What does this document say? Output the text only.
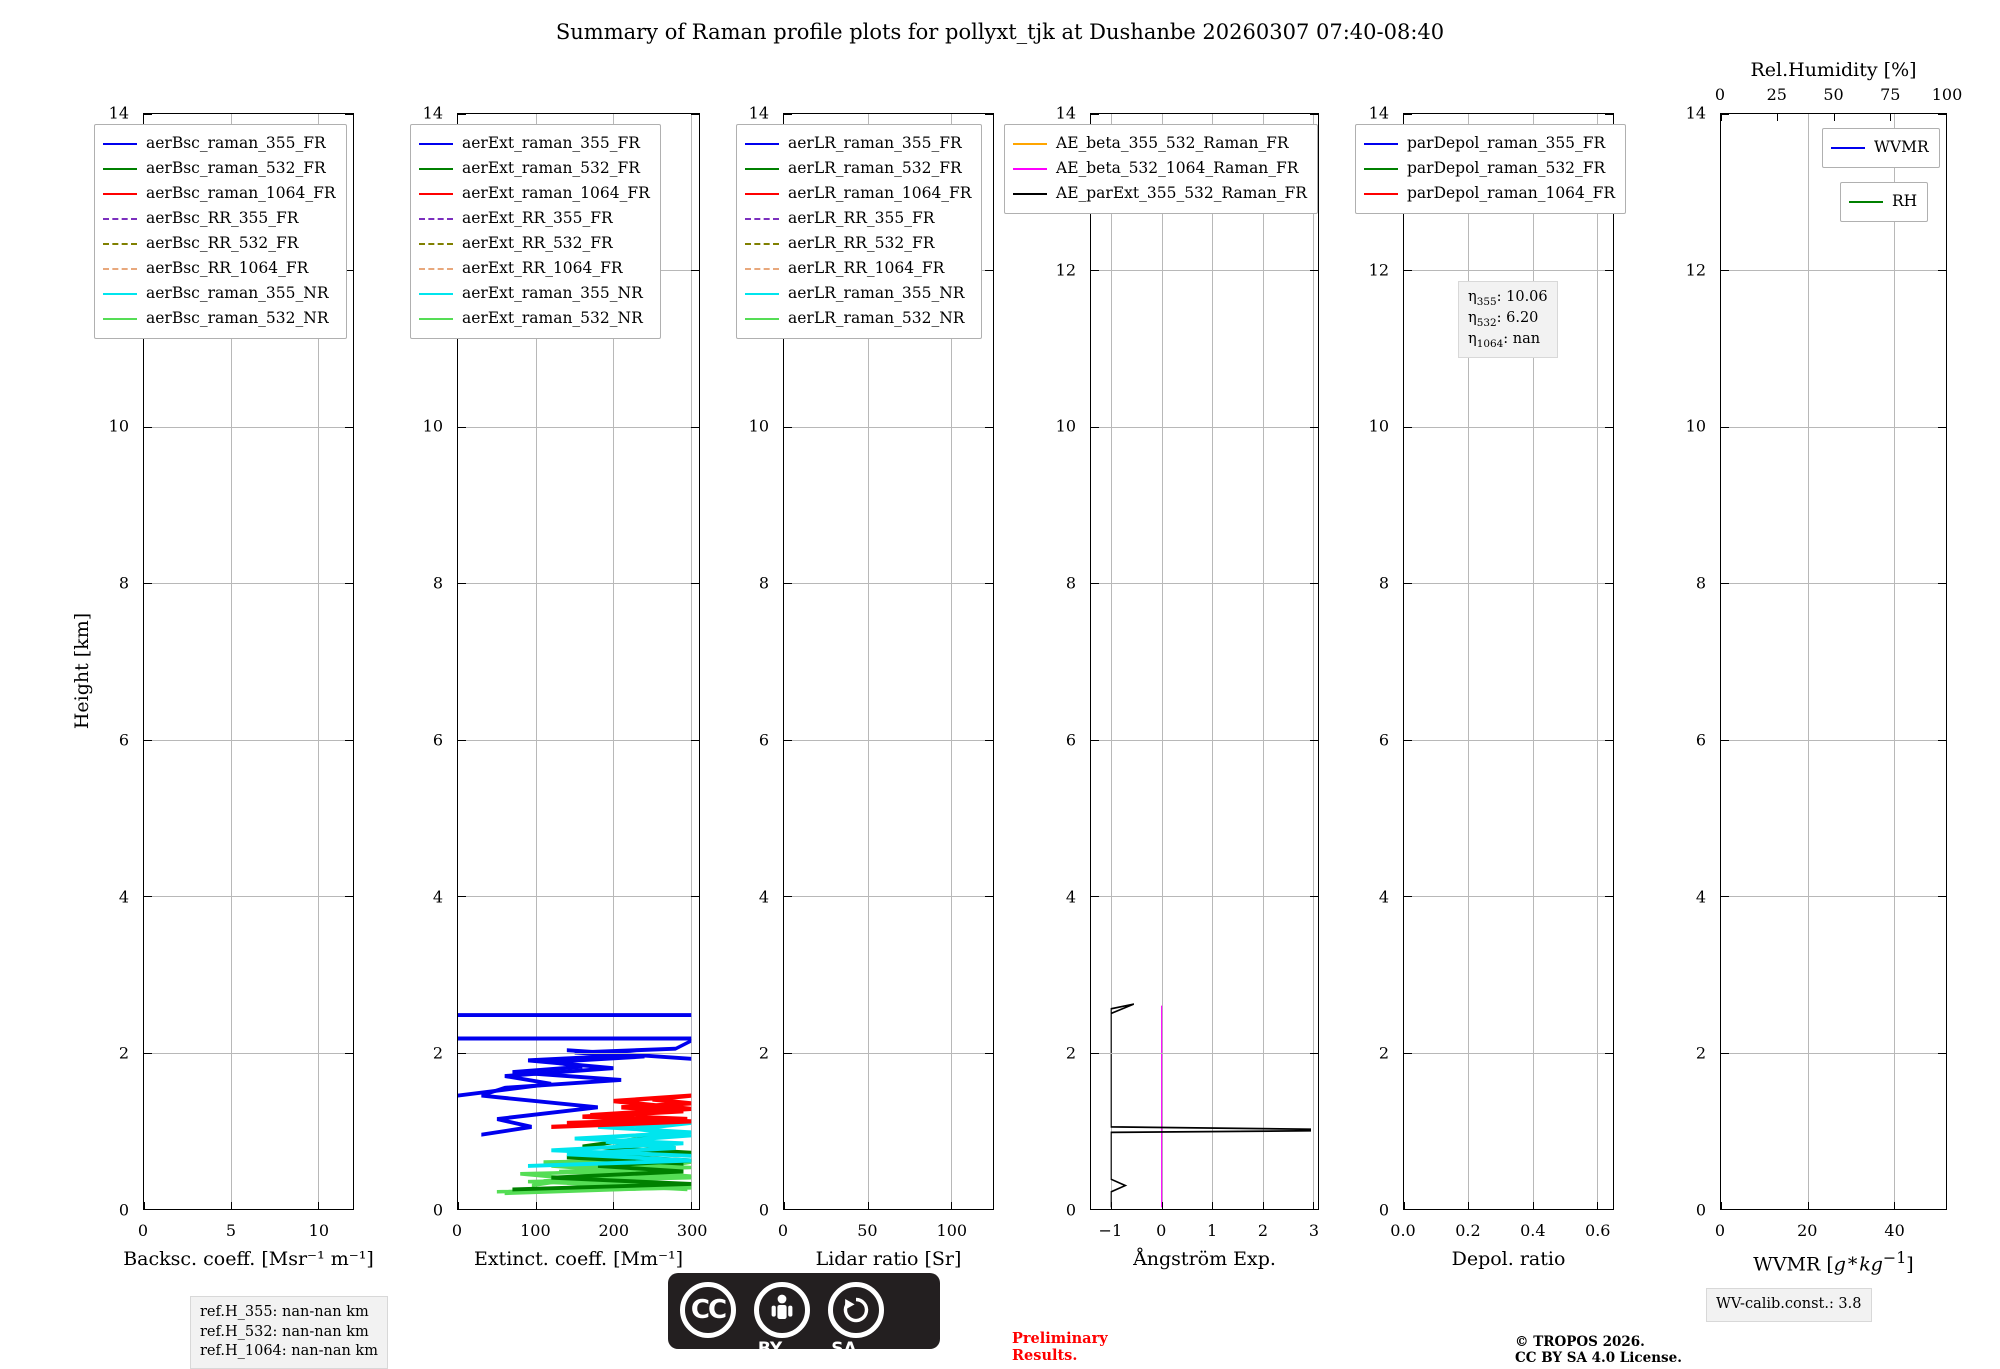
Summary of Raman profile plots for pollyxt_tjk at Dushanbe 20260307 07:40-08:40
Height [km]
Backsc. coeff. [Msr⁻¹ m⁻¹]
0
2
4
6
8
10
14
0	5	10
Extinct. coeff. [Mm⁻¹]
0
2
4
6
8
10
14
0	100	200	300
Lidar ratio [Sr]
0
2
4
6
8
10
14
0	50	100
Ångström Exp.
0
2
4
6
8
10
12
14
−1 0	1	2	3
Depol. ratio
0
2
4
6
8
10
12
14
0.0 0.2 0.4 0.6
WVMR [g * $kg^{-1}$]
Rel.Humidity [%]
0
2
4
6
8
10
12
14
0	20	40
0	25 50 75 100
aerBsc_raman_355_FR
aerBsc_raman_532_FR
aerBsc_raman_1064_FR
aerBsc_RR_355_FR
aerBsc_RR_532_FR
aerBsc_RR_1064_FR
aerBsc_raman_355_NR
aerBsc_raman_532_NR
aerExt_raman_355_FR
aerExt_raman_532_FR
aerExt_raman_1064_FR
aerExt_RR_355_FR
aerExt_RR_532_FR
aerExt_RR_1064_FR
aerExt_raman_355_NR
aerExt_raman_532_NR
aerLR_raman_355_FR
aerLR_raman_532_FR
aerLR_raman_1064_FR
aerLR_RR_355_FR
aerLR_RR_532_FR
aerLR_RR_1064_FR
aerLR_raman_355_NR
aerLR_raman_532_NR
AE_beta_355_532_Raman_FR
AE_beta_532_1064_Raman_FR
AE_parExt_355_532_Raman_FR
parDepol_raman_355_FR
parDepol_raman_532_FR
parDepol_raman_1064_FR
WVMR
RH
$\eta_{355}$: 10.06
$\eta_{532}$: 6.20
$\eta_{1064}$: nan
ref.H_355: nan-nan km
ref.H_532: nan-nan km
ref.H_1064: nan-nan km
WV-calib.const.: 3.8
CC
BY	SA
Preliminary
Results.
© TROPOS 2026.
CC BY SA 4.0 License.
